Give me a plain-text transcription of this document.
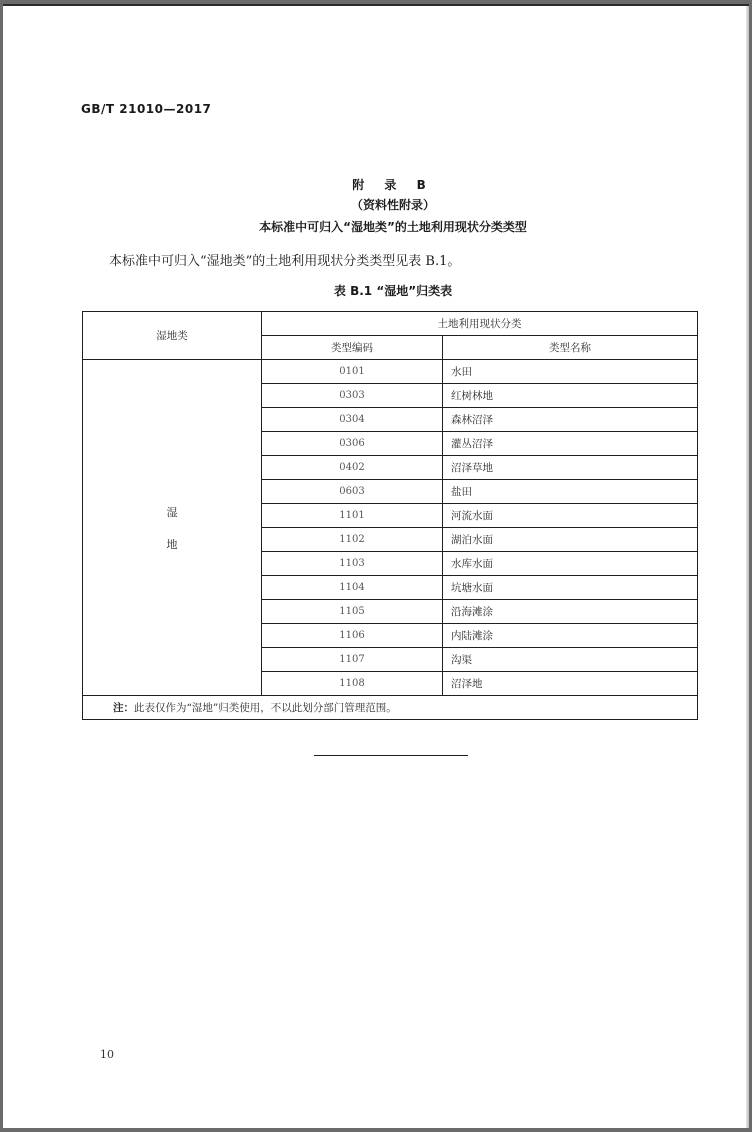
GB/T 21010—2017
附 录 B
（资料性附录）
本标准中可归入“湿地类”的土地利用现状分类类型
本标准中可归入“湿地类”的土地利用现状分类类型见表 B.1。
表 B.1 “湿地”归类表
湿地类	土地利用现状分类	
	类型编码	类型名称

湿
地	0101	水田
	0303	红树林地
	0304	森林沼泽
	0306	灌丛沼泽
	0402	沼泽草地
	0603	盐田
	1101	河流水面
	1102	湖泊水面
	1103	水库水面
	1104	坑塘水面
	1105	沿海滩涂
	1106	内陆滩涂
	1107	沟渠
	1108	沼泽地
注：此表仅作为“湿地”归类使用，不以此划分部门管理范围。		
10
